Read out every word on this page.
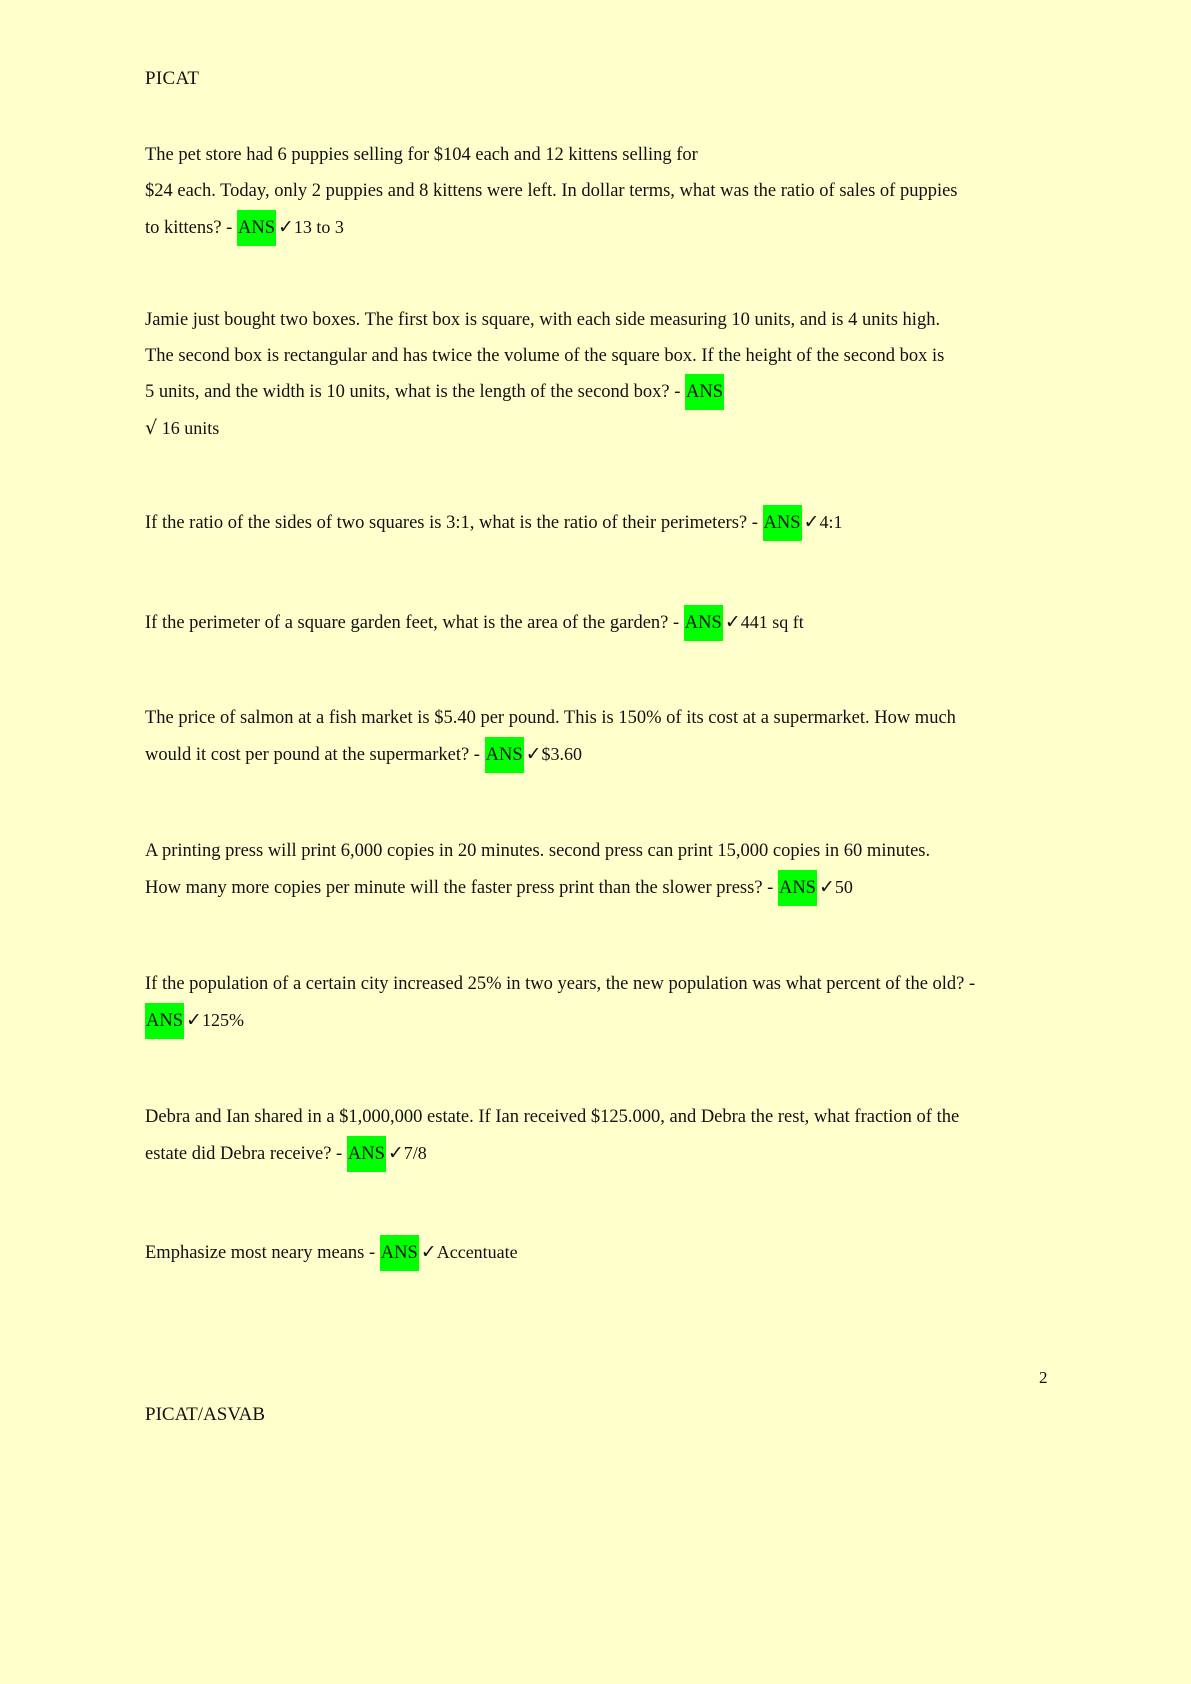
PICAT
The pet store had 6 puppies selling for $104 each and 12 kittens selling for
$24 each. Today, only 2 puppies and 8 kittens were left. In dollar terms, what was the ratio of sales of puppies
to kittens? - ANS ✓13 to 3
Jamie just bought two boxes. The first box is square, with each side measuring 10 units, and is 4 units high.
The second box is rectangular and has twice the volume of the square box. If the height of the second box is
5 units, and the width is 10 units, what is the length of the second box? - ANS
√ 16 units
If the ratio of the sides of two squares is 3:1, what is the ratio of their perimeters? - ANS ✓4:1
If the perimeter of a square garden feet, what is the area of the garden? - ANS ✓441 sq ft
The price of salmon at a fish market is $5.40 per pound. This is 150% of its cost at a supermarket. How much
would it cost per pound at the supermarket? - ANS ✓$3.60
A printing press will print 6,000 copies in 20 minutes. second press can print 15,000 copies in 60 minutes.
How many more copies per minute will the faster press print than the slower press? - ANS ✓50
If the population of a certain city increased 25% in two years, the new population was what percent of the old? -
ANS ✓125%
Debra and Ian shared in a $1,000,000 estate. If Ian received $125.000, and Debra the rest, what fraction of the
estate did Debra receive? - ANS ✓7/8
Emphasize most neary means - ANS ✓Accentuate
2
PICAT/ASVAB
